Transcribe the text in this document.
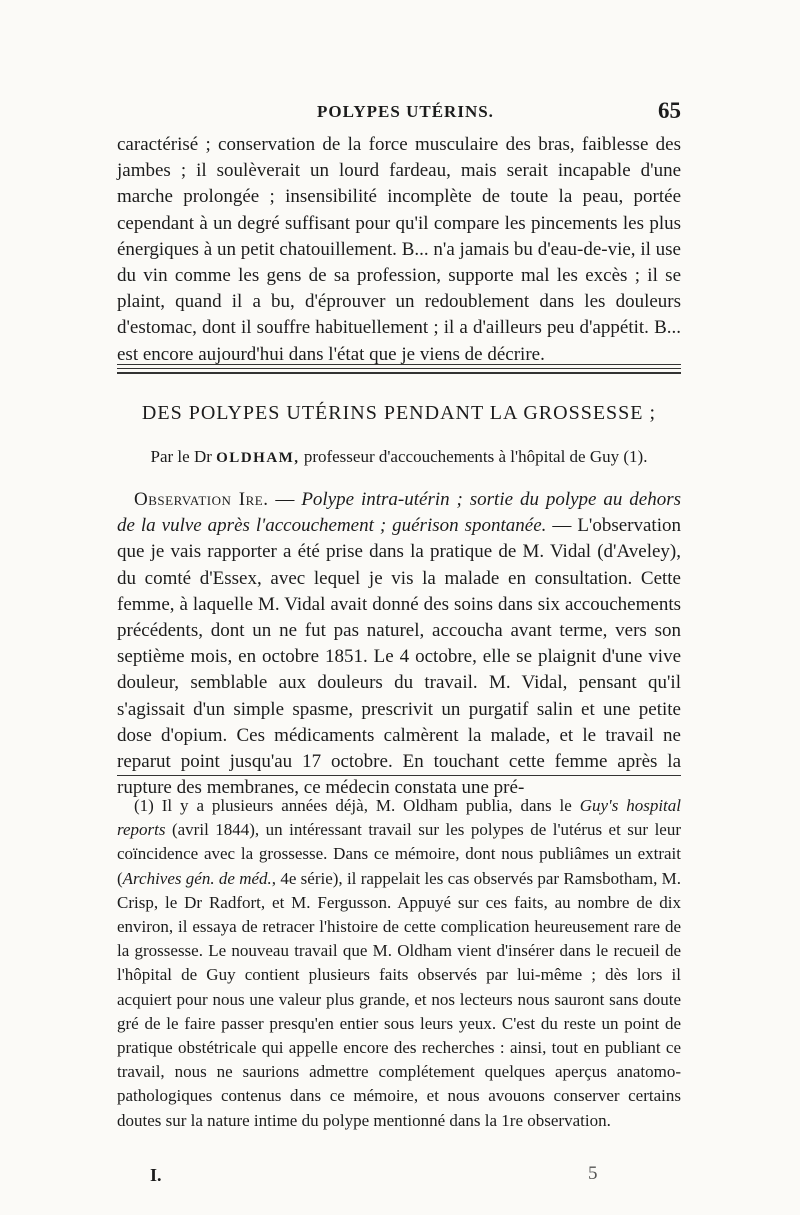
POLYPES UTÉRINS.	65

caractérisé ; conservation de la force musculaire des bras, faiblesse des jambes ; il soulèverait un lourd fardeau, mais serait incapable d'une marche prolongée ; insensibilité incomplète de toute la peau, portée cependant à un degré suffisant pour qu'il compare les pincements les plus énergiques à un petit chatouillement. B... n'a jamais bu d'eau-de-vie, il use du vin comme les gens de sa profession, supporte mal les excès ; il se plaint, quand il a bu, d'éprouver un redoublement dans les douleurs d'estomac, dont il souffre habituellement ; il a d'ailleurs peu d'appétit. B... est encore aujourd'hui dans l'état que je viens de décrire.

DES POLYPES UTÉRINS PENDANT LA GROSSESSE ;
Par le Dr OLDHAM, professeur d'accouchements à l'hôpital de Guy (1).

Observation Ire. — Polype intra-utérin ; sortie du polype au dehors de la vulve après l'accouchement ; guérison spontanée. — L'observation que je vais rapporter a été prise dans la pratique de M. Vidal (d'Aveley), du comté d'Essex, avec lequel je vis la malade en consultation. Cette femme, à laquelle M. Vidal avait donné des soins dans six accouchements précédents, dont un ne fut pas naturel, accoucha avant terme, vers son septième mois, en octobre 1851. Le 4 octobre, elle se plaignit d'une vive douleur, semblable aux douleurs du travail. M. Vidal, pensant qu'il s'agissait d'un simple spasme, prescrivit un purgatif salin et une petite dose d'opium. Ces médicaments calmèrent la malade, et le travail ne reparut point jusqu'au 17 octobre. En touchant cette femme après la rupture des membranes, ce médecin constata une pré-

(1) Il y a plusieurs années déjà, M. Oldham publia, dans le Guy's hospital reports (avril 1844), un intéressant travail sur les polypes de l'utérus et sur leur coïncidence avec la grossesse. Dans ce mémoire, dont nous publiâmes un extrait (Archives gén. de méd., 4e série), il rappelait les cas observés par Ramsbotham, M. Crisp, le Dr Radfort, et M. Fergusson. Appuyé sur ces faits, au nombre de dix environ, il essaya de retracer l'histoire de cette complication heureusement rare de la grossesse. Le nouveau travail que M. Oldham vient d'insérer dans le recueil de l'hôpital de Guy contient plusieurs faits observés par lui-même ; dès lors il acquiert pour nous une valeur plus grande, et nos lecteurs nous sauront sans doute gré de le faire passer presqu'en entier sous leurs yeux. C'est du reste un point de pratique obstétricale qui appelle encore des recherches : ainsi, tout en publiant ce travail, nous ne saurions admettre complétement quelques aperçus anatomo-pathologiques contenus dans ce mémoire, et nous avouons conserver certains doutes sur la nature intime du polype mentionné dans la 1re observation.
I.	5
